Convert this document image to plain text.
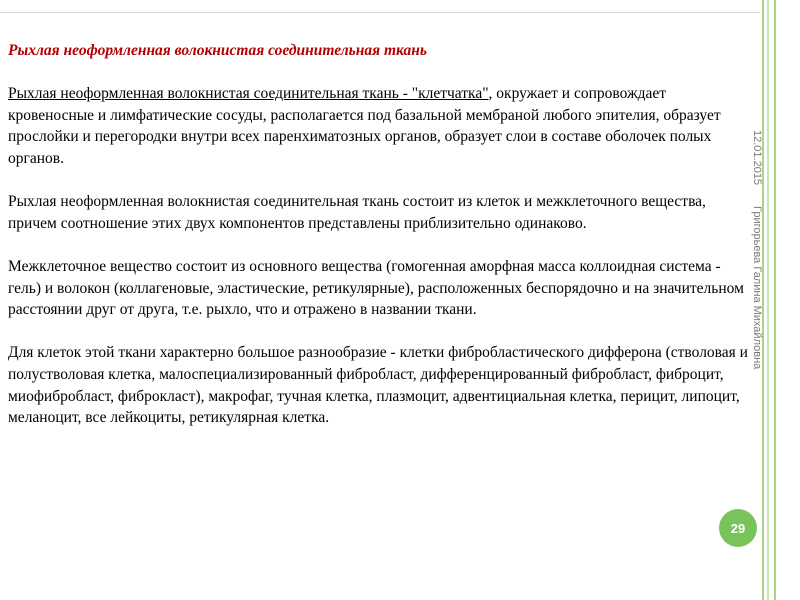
Рыхлая неоформленная волокнистая соединительная ткань

Рыхлая неоформленная волокнистая соединительная ткань - "клетчатка", окружает и сопровождает кровеносные и лимфатические сосуды, располагается под базальной мембраной любого эпителия, образует прослойки и перегородки внутри всех паренхиматозных органов, образует слои в составе оболочек полых органов.

Рыхлая неоформленная волокнистая соединительная ткань состоит из клеток и межклеточного вещества, причем соотношение этих двух компонентов представлены приблизительно одинаково.

Межклеточное вещество состоит из основного вещества (гомогенная аморфная масса коллоидная система - гель) и волокон (коллагеновые, эластические, ретикулярные), расположенных беспорядочно и на значительном расстоянии друг от друга, т.е. рыхло, что и отражено в названии ткани.

Для клеток этой ткани характерно большое разнообразие - клетки фибробластического дифферона (стволовая и полустволовая клетка, малоспециализированный фибробласт, дифференцированный фибробласт, фиброцит, миофибробласт, фиброкласт), макрофаг, тучная клетка, плазмоцит, адвентициальная клетка, перицит, липоцит, меланоцит, все лейкоциты, ретикулярная клетка.

12.01.2015 Григорьева Галина Михайловна
29
